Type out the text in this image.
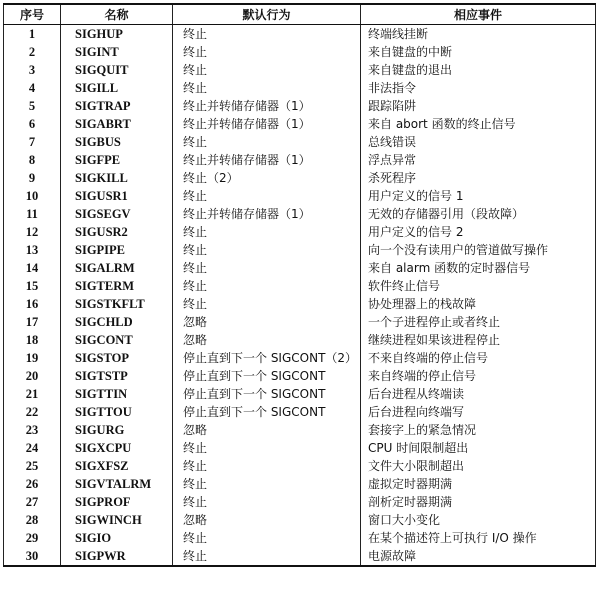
序号	名称	默认行为	相应事件
1	SIGHUP	终止	终端线挂断
2	SIGINT	终止	来自键盘的中断
3	SIGQUIT	终止	来自键盘的退出
4	SIGILL	终止	非法指令
5	SIGTRAP	终止并转储存储器（1）	跟踪陷阱
6	SIGABRT	终止并转储存储器（1）	来自 abort 函数的终止信号
7	SIGBUS	终止	总线错误
8	SIGFPE	终止并转储存储器（1）	浮点异常
9	SIGKILL	终止（2）	杀死程序
10	SIGUSR1	终止	用户定义的信号 1
11	SIGSEGV	终止并转储存储器（1）	无效的存储器引用（段故障）
12	SIGUSR2	终止	用户定义的信号 2
13	SIGPIPE	终止	向一个没有读用户的管道做写操作
14	SIGALRM	终止	来自 alarm 函数的定时器信号
15	SIGTERM	终止	软件终止信号
16	SIGSTKFLT	终止	协处理器上的栈故障
17	SIGCHLD	忽略	一个子进程停止或者终止
18	SIGCONT	忽略	继续进程如果该进程停止
19	SIGSTOP	停止直到下一个 SIGCONT（2）	不来自终端的停止信号
20	SIGTSTP	停止直到下一个 SIGCONT	来自终端的停止信号
21	SIGTTIN	停止直到下一个 SIGCONT	后台进程从终端读
22	SIGTTOU	停止直到下一个 SIGCONT	后台进程向终端写
23	SIGURG	忽略	套接字上的紧急情况
24	SIGXCPU	终止	CPU 时间限制超出
25	SIGXFSZ	终止	文件大小限制超出
26	SIGVTALRM	终止	虚拟定时器期满
27	SIGPROF	终止	剖析定时器期满
28	SIGWINCH	忽略	窗口大小变化
29	SIGIO	终止	在某个描述符上可执行 I/O 操作
30	SIGPWR	终止	电源故障
